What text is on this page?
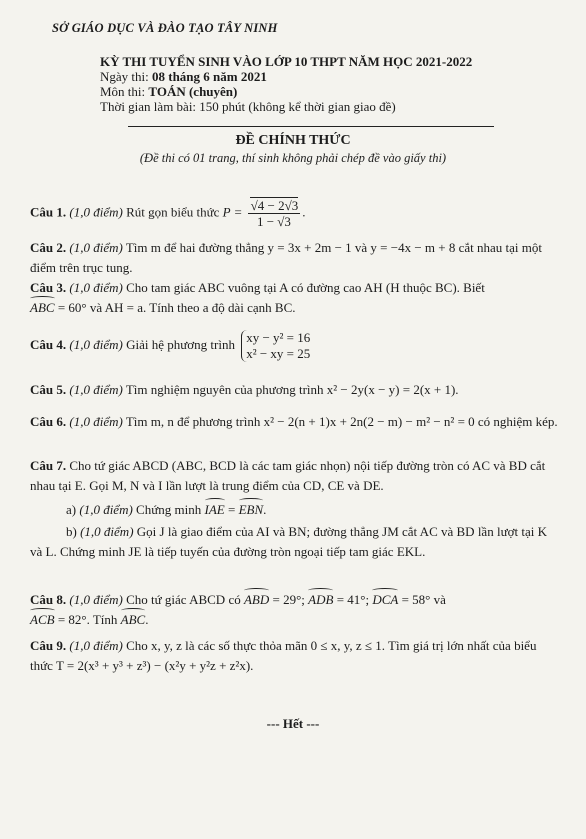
SỞ GIÁO DỤC VÀ ĐÀO TẠO TÂY NINH
KỲ THI TUYỂN SINH VÀO LỚP 10 THPT NĂM HỌC 2021-2022
Ngày thi: 08 tháng 6 năm 2021
Môn thi: TOÁN (chuyên)
Thời gian làm bài: 150 phút (không kể thời gian giao đề)
ĐỀ CHÍNH THỨC
(Đề thi có 01 trang, thí sinh không phải chép đề vào giấy thi)
Câu 1. (1,0 điểm) Rút gọn biểu thức $P = \frac{√4 - 2√3}{1 - √3}$ .
Câu 2. (1,0 điểm) Tìm m để hai đường thẳng y = 3x + 2m − 1 và y = −4x − m + 8 cắt nhau tại một điểm trên trục tung.
Câu 3. (1,0 điểm) Cho tam giác ABC vuông tại A có đường cao AH (H thuộc BC). Biết
ABC = 60° và AH = a. Tính theo a độ dài cạnh BC.
Câu 4. (1,0 điểm) Giải hệ phương trình xy − y² = 16
x² − xy = 25
Câu 5. (1,0 điểm) Tìm nghiệm nguyên của phương trình x² − 2y(x − y) = 2(x + 1).
Câu 6. (1,0 điểm) Tìm m, n để phương trình x² − 2(n + 1)x + 2n(2 − m) − m² − n² = 0 có nghiệm kép.
Câu 7. Cho tứ giác ABCD (ABC, BCD là các tam giác nhọn) nội tiếp đường tròn có AC và BD cắt nhau tại E. Gọi M, N và I lần lượt là trung điểm của CD, CE và DE.
a) (1,0 điểm) Chứng minh IAE = EBN.
b) (1,0 điểm) Gọi J là giao điểm của AI và BN; đường thẳng JM cắt AC và BD lần lượt tại K và L. Chứng minh JE là tiếp tuyến của đường tròn ngoại tiếp tam giác EKL.
Câu 8. (1,0 điểm) Cho tứ giác ABCD có ABD = 29°; ADB = 41°; DCA = 58° và
ACB = 82°. Tính ABC.
Câu 9. (1,0 điểm) Cho x, y, z là các số thực thỏa mãn 0 ≤ x, y, z ≤ 1. Tìm giá trị lớn nhất của biểu thức T = 2(x³ + y³ + z³) − (x²y + y²z + z²x).
--- Hết ---
